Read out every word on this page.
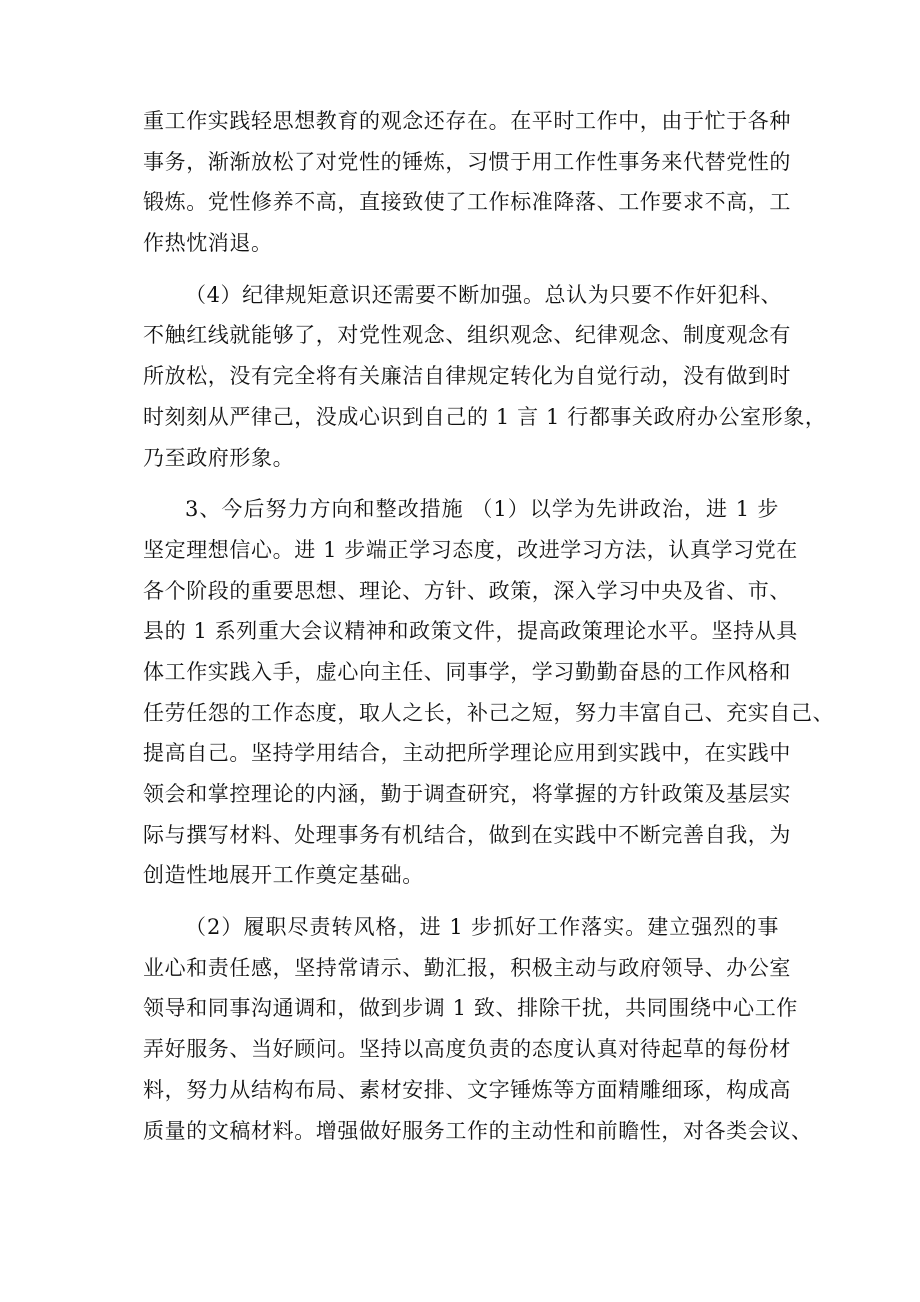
重工作实践轻思想教育的观念还存在。在平时工作中，由于忙于各种
事务，渐渐放松了对党性的锤炼，习惯于用工作性事务来代替党性的
锻炼。党性修养不高，直接致使了工作标准降落、工作要求不高，工
作热忱消退。
（4）纪律规矩意识还需要不断加强。总认为只要不作奸犯科、
不触红线就能够了，对党性观念、组织观念、纪律观念、制度观念有
所放松，没有完全将有关廉洁自律规定转化为自觉行动，没有做到时
时刻刻从严律己，没成心识到自己的 1 言 1 行都事关政府办公室形象，
乃至政府形象。
3、今后努力方向和整改措施 （1）以学为先讲政治，进 1 步
坚定理想信心。进 1 步端正学习态度，改进学习方法，认真学习党在
各个阶段的重要思想、理论、方针、政策，深入学习中央及省、市、
县的 1 系列重大会议精神和政策文件，提高政策理论水平。坚持从具
体工作实践入手，虚心向主任、同事学，学习勤勤奋恳的工作风格和
任劳任怨的工作态度，取人之长，补己之短，努力丰富自己、充实自己、
提高自己。坚持学用结合，主动把所学理论应用到实践中，在实践中
领会和掌控理论的内涵，勤于调查研究，将掌握的方针政策及基层实
际与撰写材料、处理事务有机结合，做到在实践中不断完善自我，为
创造性地展开工作奠定基础。
（2）履职尽责转风格，进 1 步抓好工作落实。建立强烈的事
业心和责任感，坚持常请示、勤汇报，积极主动与政府领导、办公室
领导和同事沟通调和，做到步调 1 致、排除干扰，共同围绕中心工作
弄好服务、当好顾问。坚持以高度负责的态度认真对待起草的每份材
料，努力从结构布局、素材安排、文字锤炼等方面精雕细琢，构成高
质量的文稿材料。增强做好服务工作的主动性和前瞻性，对各类会议、
